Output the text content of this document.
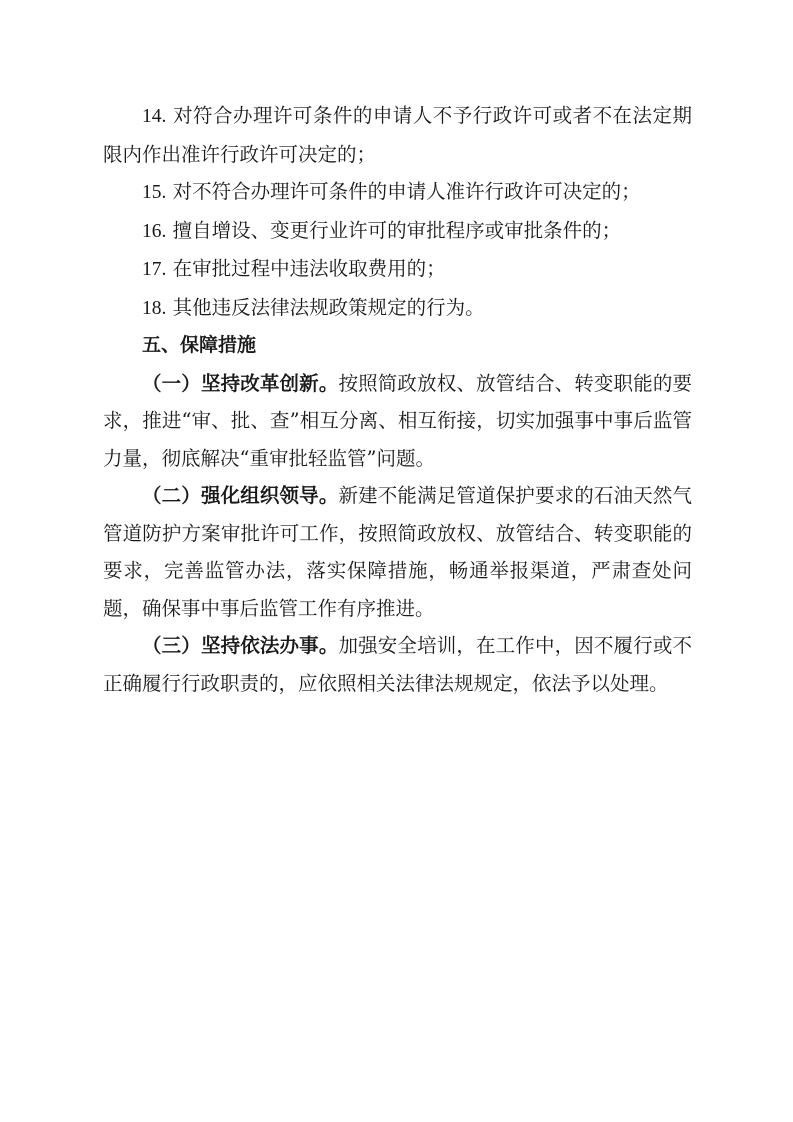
14. 对符合办理许可条件的申请人不予行政许可或者不在法定期限内作出准许行政许可决定的；

15. 对不符合办理许可条件的申请人准许行政许可决定的；

16. 擅自增设、变更行业许可的审批程序或审批条件的；

17. 在审批过程中违法收取费用的；

18. 其他违反法律法规政策规定的行为。

五、保障措施

（一）坚持改革创新。按照简政放权、放管结合、转变职能的要求，推进“审、批、查”相互分离、相互衔接，切实加强事中事后监管力量，彻底解决“重审批轻监管”问题。

（二）强化组织领导。新建不能满足管道保护要求的石油天然气管道防护方案审批许可工作，按照简政放权、放管结合、转变职能的要求，完善监管办法，落实保障措施，畅通举报渠道，严肃查处问题，确保事中事后监管工作有序推进。

（三）坚持依法办事。加强安全培训，在工作中，因不履行或不正确履行行政职责的，应依照相关法律法规规定，依法予以处理。
